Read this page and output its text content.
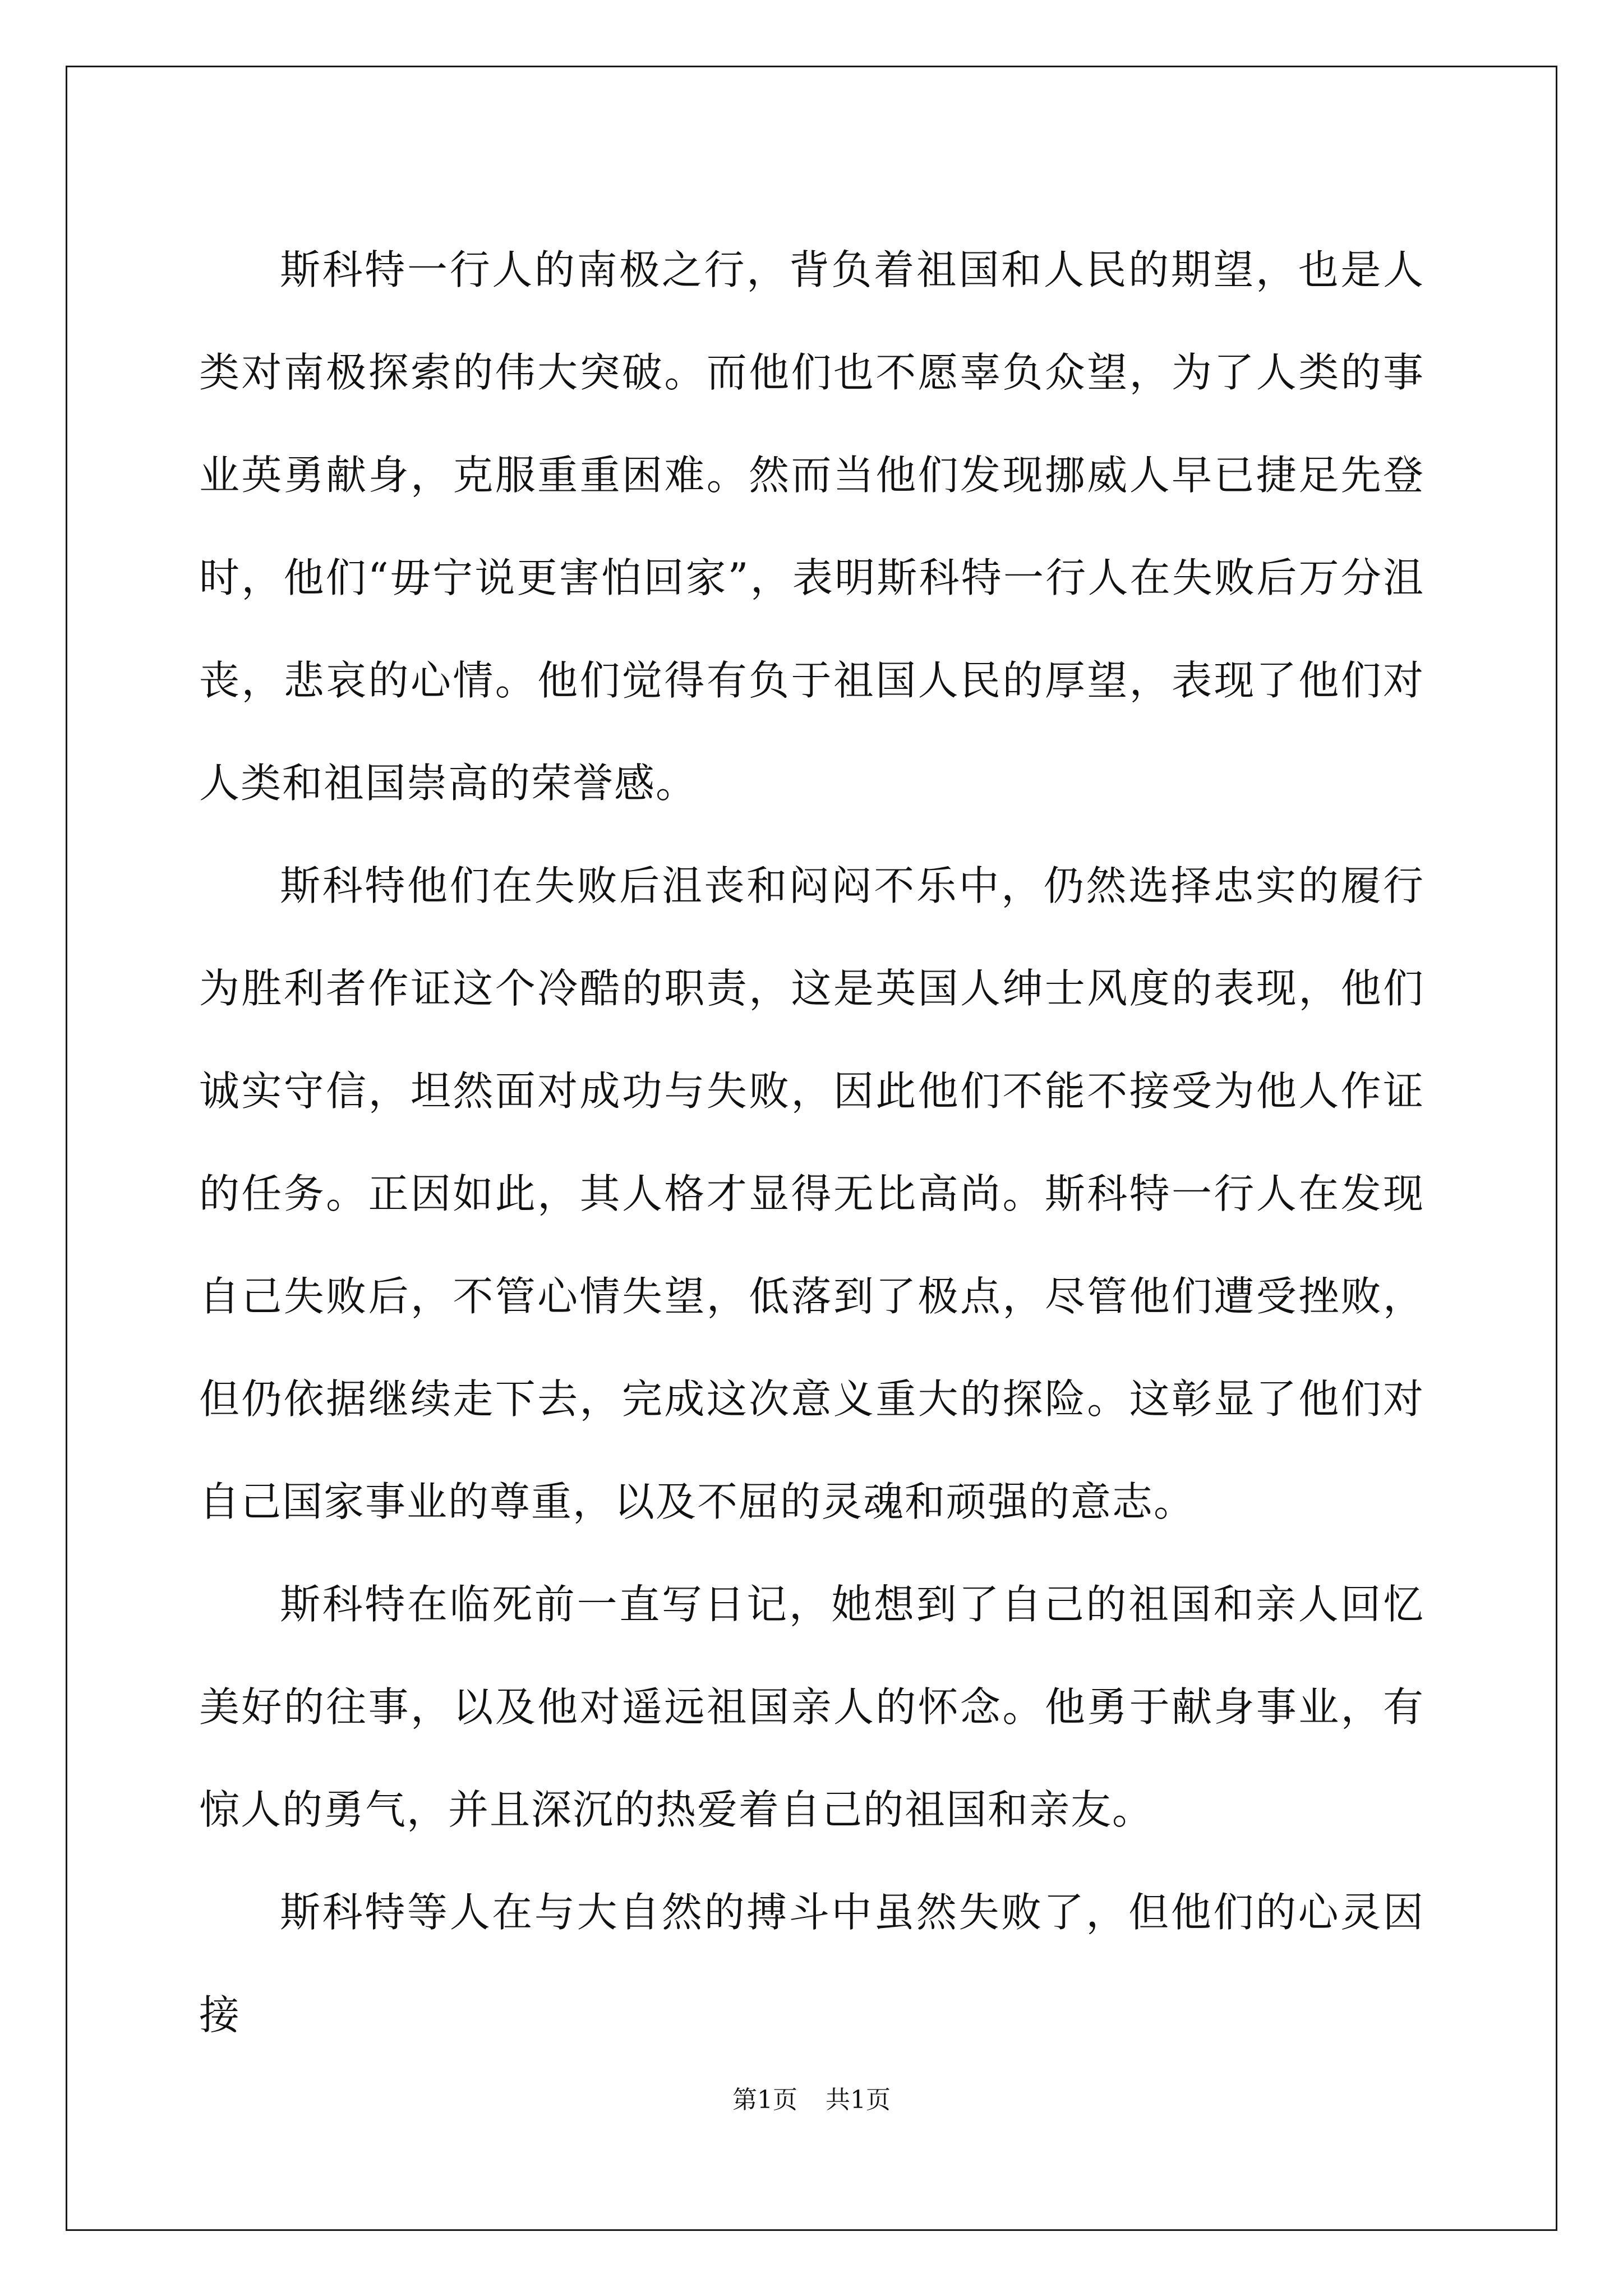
斯科特一行人的南极之行，背负着祖国和人民的期望，也是人类对南极探索的伟大突破。而他们也不愿辜负众望，为了人类的事业英勇献身，克服重重困难。然而当他们发现挪威人早已捷足先登时，他们“毋宁说更害怕回家”，表明斯科特一行人在失败后万分沮丧，悲哀的心情。他们觉得有负于祖国人民的厚望，表现了他们对人类和祖国崇高的荣誉感。

斯科特他们在失败后沮丧和闷闷不乐中，仍然选择忠实的履行为胜利者作证这个冷酷的职责，这是英国人绅士风度的表现，他们诚实守信，坦然面对成功与失败，因此他们不能不接受为他人作证的任务。正因如此，其人格才显得无比高尚。斯科特一行人在发现自己失败后，不管心情失望，低落到了极点，尽管他们遭受挫败，但仍依据继续走下去，完成这次意义重大的探险。这彰显了他们对自己国家事业的尊重，以及不屈的灵魂和顽强的意志。

斯科特在临死前一直写日记，她想到了自己的祖国和亲人回忆美好的往事，以及他对遥远祖国亲人的怀念。他勇于献身事业，有惊人的勇气，并且深沉的热爱着自己的祖国和亲友。

斯科特等人在与大自然的搏斗中虽然失败了，但他们的心灵因接

第1页 共1页
